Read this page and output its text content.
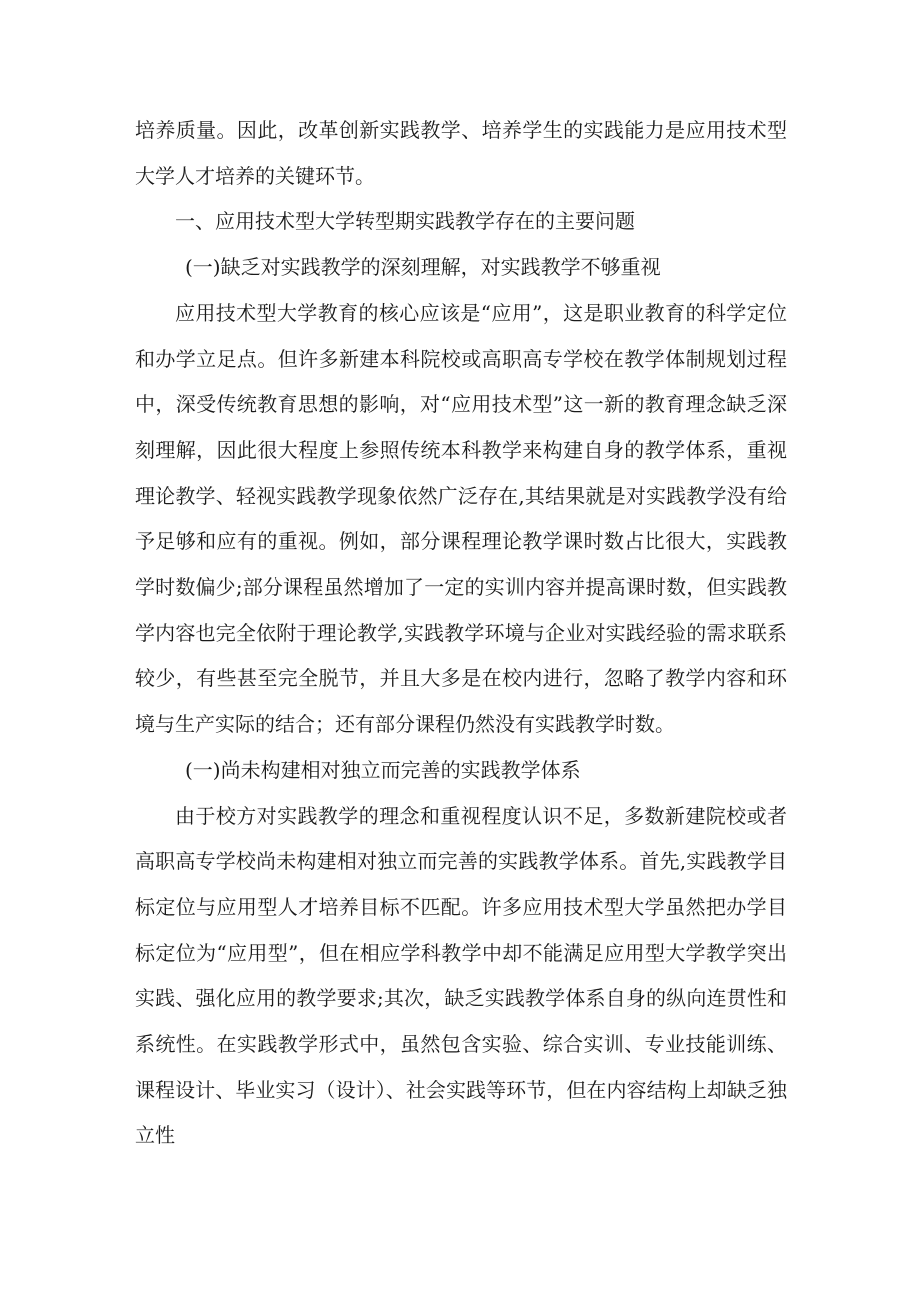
培养质量。因此，改革创新实践教学、培养学生的实践能力是应用技术型大学人才培养的关键环节。

一、应用技术型大学转型期实践教学存在的主要问题

(一)缺乏对实践教学的深刻理解，对实践教学不够重视

应用技术型大学教育的核心应该是“应用”，这是职业教育的科学定位和办学立足点。但许多新建本科院校或高职高专学校在教学体制规划过程中，深受传统教育思想的影响，对“应用技术型”这一新的教育理念缺乏深刻理解，因此很大程度上参照传统本科教学来构建自身的教学体系，重视理论教学、轻视实践教学现象依然广泛存在,其结果就是对实践教学没有给予足够和应有的重视。例如，部分课程理论教学课时数占比很大，实践教学时数偏少;部分课程虽然增加了一定的实训内容并提高课时数，但实践教学内容也完全依附于理论教学,实践教学环境与企业对实践经验的需求联系较少，有些甚至完全脱节，并且大多是在校内进行，忽略了教学内容和环境与生产实际的结合；还有部分课程仍然没有实践教学时数。

(一)尚未构建相对独立而完善的实践教学体系

由于校方对实践教学的理念和重视程度认识不足，多数新建院校或者高职高专学校尚未构建相对独立而完善的实践教学体系。首先,实践教学目标定位与应用型人才培养目标不匹配。许多应用技术型大学虽然把办学目标定位为“应用型”，但在相应学科教学中却不能满足应用型大学教学突出实践、强化应用的教学要求;其次，缺乏实践教学体系自身的纵向连贯性和系统性。在实践教学形式中，虽然包含实验、综合实训、专业技能训练、课程设计、毕业实习（设计）、社会实践等环节，但在内容结构上却缺乏独立性
